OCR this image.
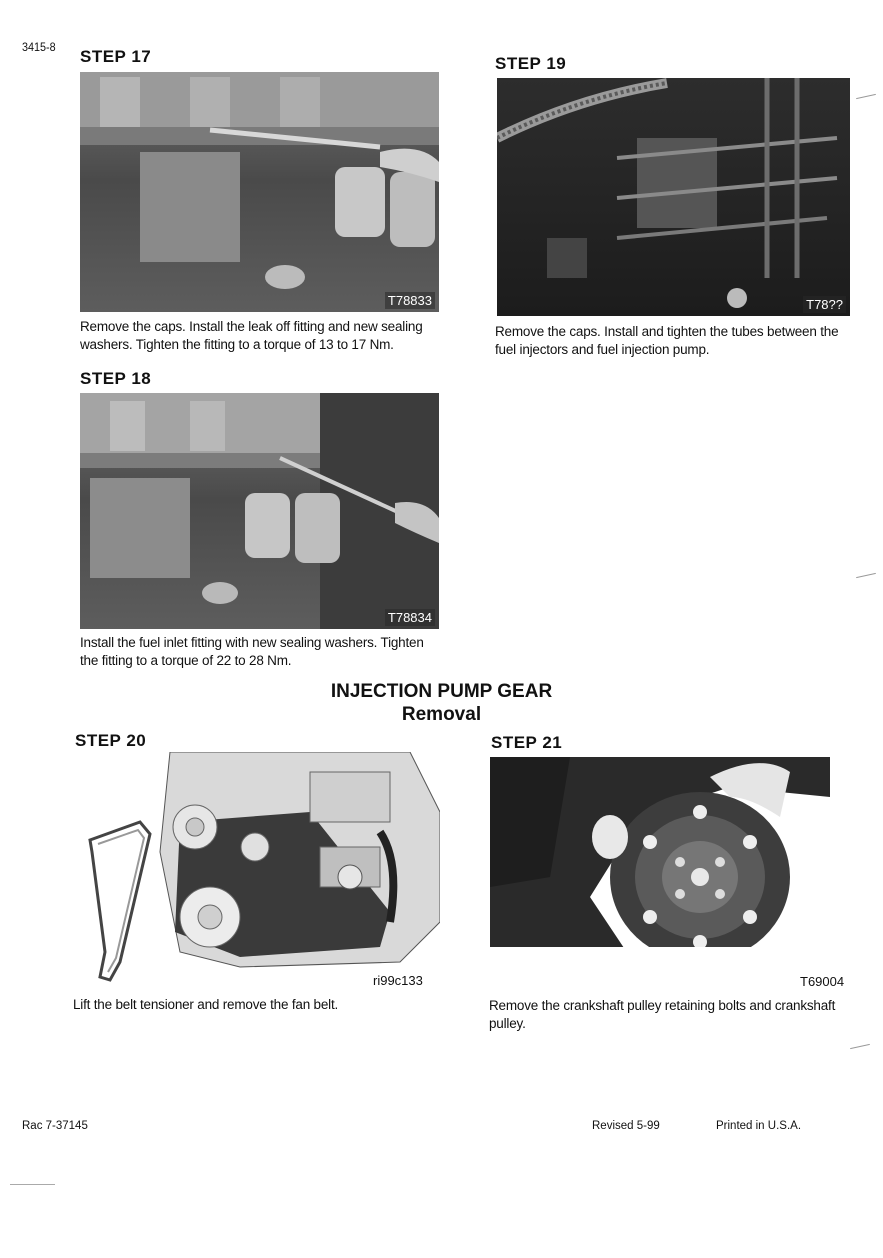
3415-8 STEP 17
T78833
Remove the caps. Install the leak off fitting and new sealing
washers. Tighten the fitting to a torque of 13 to 17 Nm.
STEP 18
T78834
Install the fuel inlet fitting with new sealing washers. Tighten
the fitting to a torque of 22 to 28 Nm.
STEP 19
T78??
Remove the caps. Install and tighten the tubes between the
fuel injectors and fuel injection pump.
INJECTION PUMP GEAR
Removal
STEP 20
ri99c133
Lift the belt tensioner and remove the fan belt.
STEP 21
T69004
Remove the crankshaft pulley retaining bolts and crankshaft
pulley.
Rac 7-37145	Revised 5-99	Printed in U.S.A.
